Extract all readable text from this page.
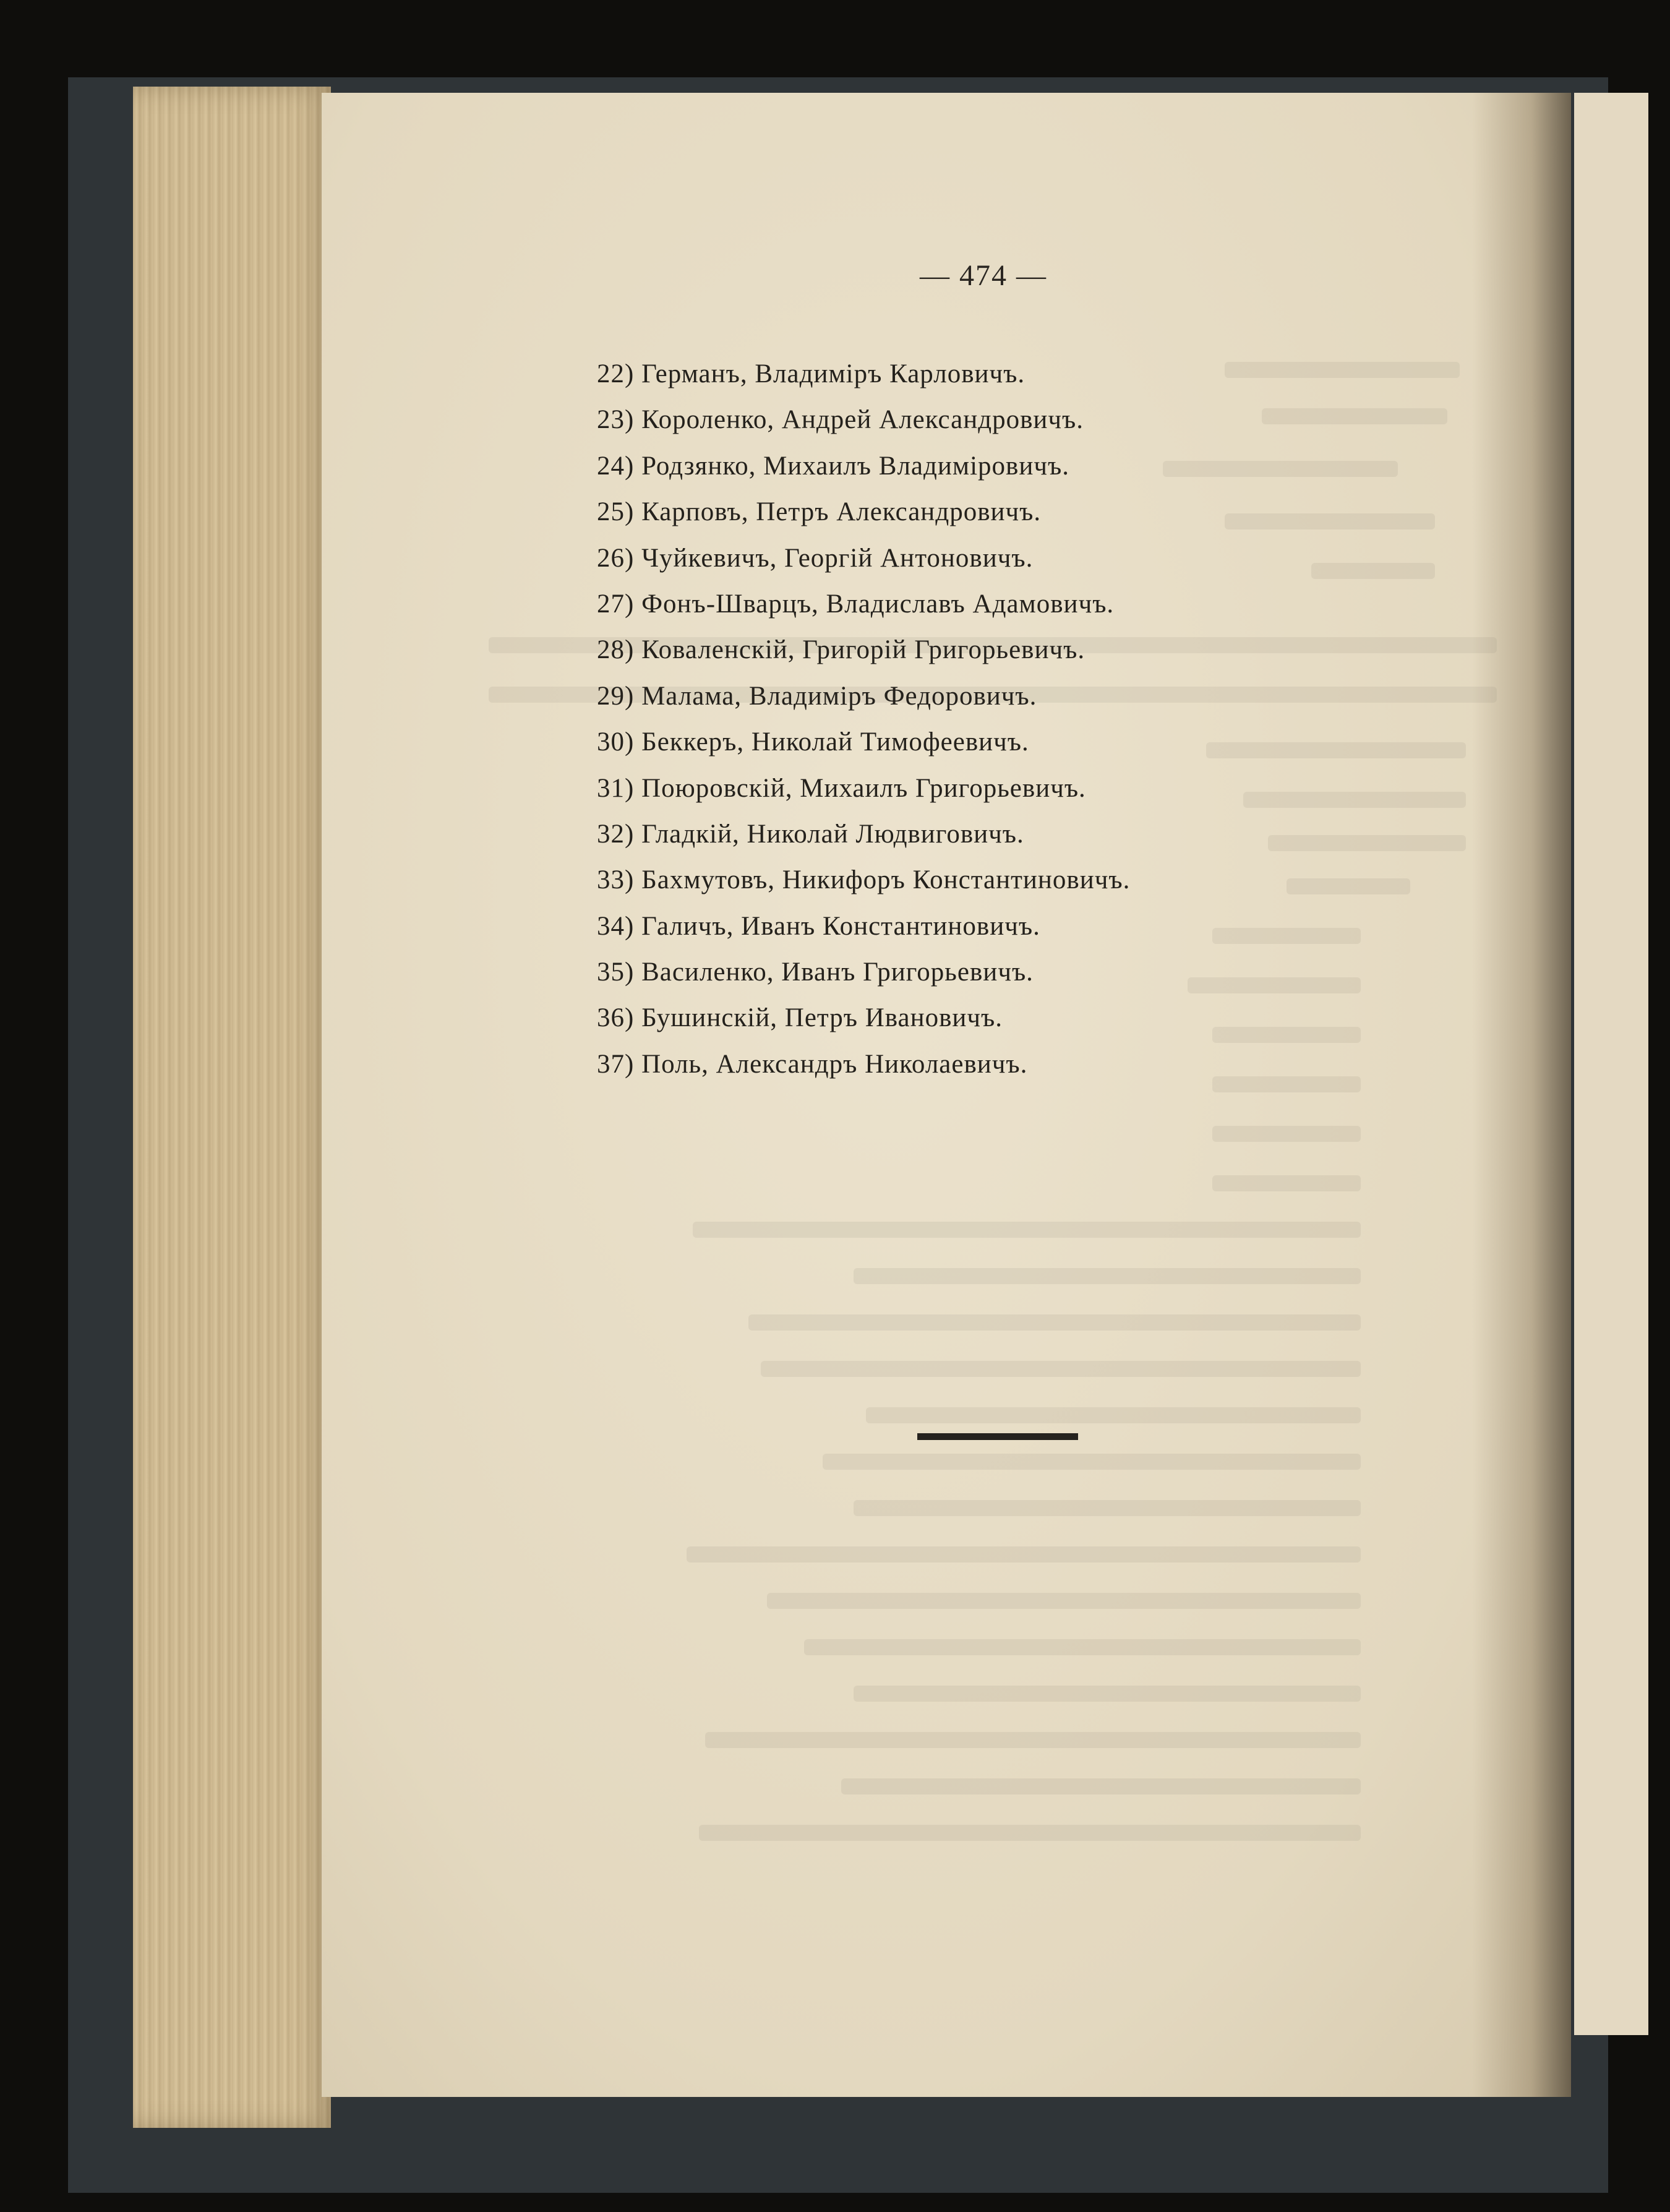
— 474 —

22) Германъ, Владиміръ Карловичъ.
23) Короленко, Андрей Александровичъ.
24) Родзянко, Михаилъ Владиміровичъ.
25) Карповъ, Петръ Александровичъ.
26) Чуйкевичъ, Георгій Антоновичъ.
27) Фонъ-Шварцъ, Владиславъ Адамовичъ.
28) Коваленскій, Григорій Григорьевичъ.
29) Малама, Владиміръ Федоровичъ.
30) Беккеръ, Николай Тимофеевичъ.
31) Поюровскій, Михаилъ Григорьевичъ.
32) Гладкій, Николай Людвиговичъ.
33) Бахмутовъ, Никифоръ Константиновичъ.
34) Галичъ, Иванъ Константиновичъ.
35) Василенко, Иванъ Григорьевичъ.
36) Бушинскій, Петръ Ивановичъ.
37) Поль, Александръ Николаевичъ.
